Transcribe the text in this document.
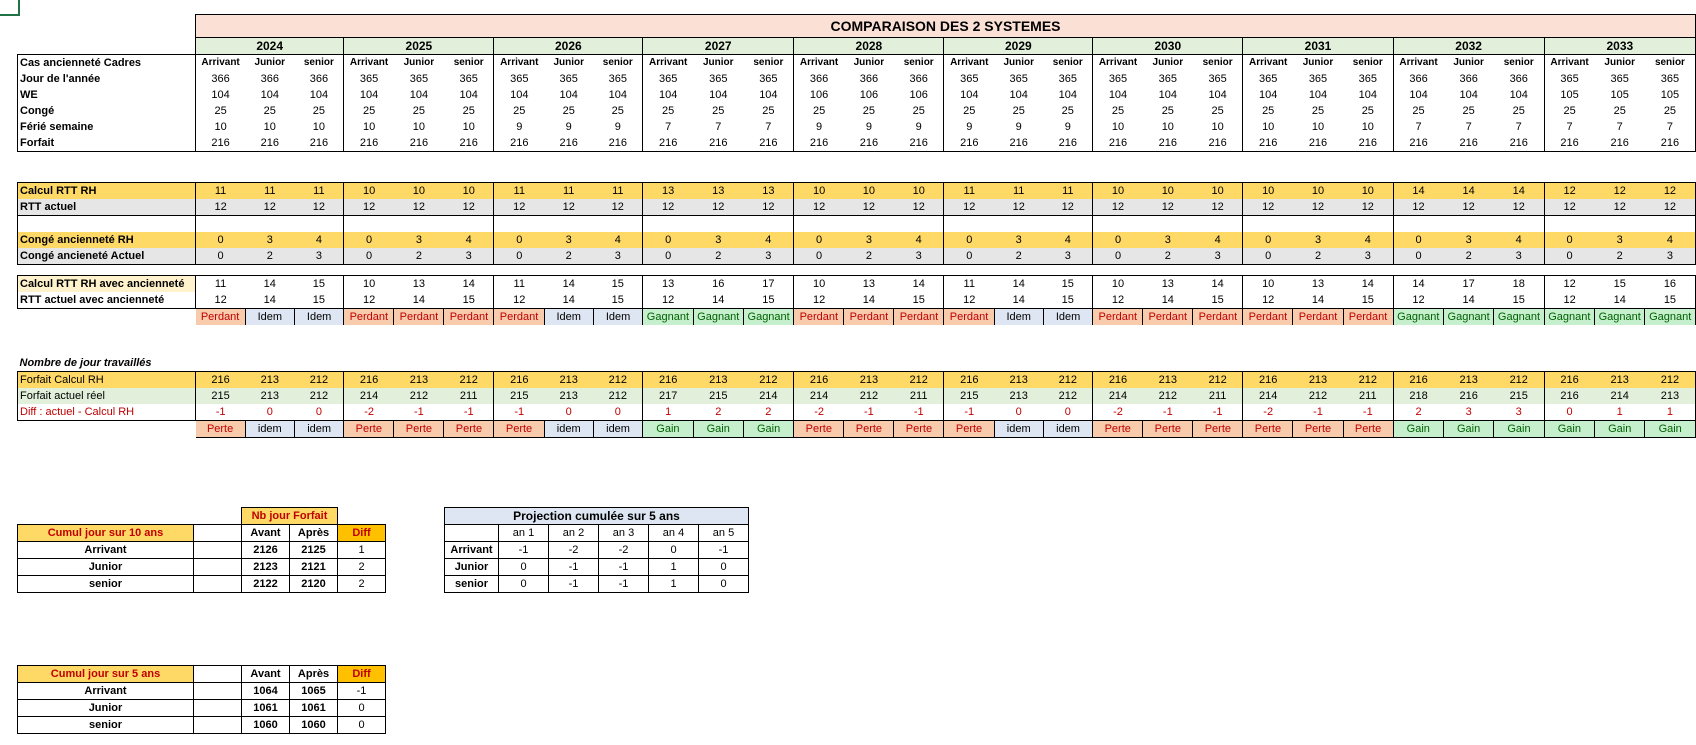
	COMPARAISON DES 2 SYSTEMES																													
	2024			2025			2026			2027			2028			2029			2030			2031			2032			2033		
Cas ancienneté Cadres	Arrivant	Junior	senior	Arrivant	Junior	senior	Arrivant	Junior	senior	Arrivant	Junior	senior	Arrivant	Junior	senior	Arrivant	Junior	senior	Arrivant	Junior	senior	Arrivant	Junior	senior	Arrivant	Junior	senior	Arrivant	Junior	senior
Jour de l'année	366	366	366	365	365	365	365	365	365	365	365	365	366	366	366	365	365	365	365	365	365	365	365	365	366	366	366	365	365	365
WE	104	104	104	104	104	104	104	104	104	104	104	104	106	106	106	104	104	104	104	104	104	104	104	104	104	104	104	105	105	105
Congé	25	25	25	25	25	25	25	25	25	25	25	25	25	25	25	25	25	25	25	25	25	25	25	25	25	25	25	25	25	25
Férié semaine	10	10	10	10	10	10	9	9	9	7	7	7	9	9	9	9	9	9	10	10	10	10	10	10	7	7	7	7	7	7
Forfait	216	216	216	216	216	216	216	216	216	216	216	216	216	216	216	216	216	216	216	216	216	216	216	216	216	216	216	216	216	216

Calcul RTT RH	11	11	11	10	10	10	11	11	11	13	13	13	10	10	10	11	11	11	10	10	10	10	10	10	14	14	14	12	12	12
RTT actuel	12	12	12	12	12	12	12	12	12	12	12	12	12	12	12	12	12	12	12	12	12	12	12	12	12	12	12	12	12	12

Congé ancienneté RH	0	3	4	0	3	4	0	3	4	0	3	4	0	3	4	0	3	4	0	3	4	0	3	4	0	3	4	0	3	4
Congé ancieneté Actuel	0	2	3	0	2	3	0	2	3	0	2	3	0	2	3	0	2	3	0	2	3	0	2	3	0	2	3	0	2	3

Calcul RTT RH avec ancienneté	11	14	15	10	13	14	11	14	15	13	16	17	10	13	14	11	14	15	10	13	14	10	13	14	14	17	18	12	15	16
RTT actuel avec ancienneté	12	14	15	12	14	15	12	14	15	12	14	15	12	14	15	12	14	15	12	14	15	12	14	15	12	14	15	12	14	15
	Perdant	Idem	Idem	Perdant	Perdant	Perdant	Perdant	Idem	Idem	Gagnant	Gagnant	Gagnant	Perdant	Perdant	Perdant	Perdant	Idem	Idem	Perdant	Perdant	Perdant	Perdant	Perdant	Perdant	Gagnant	Gagnant	Gagnant	Gagnant	Gagnant	Gagnant

Nombre de jour travaillés																														
Forfait Calcul RH	216	213	212	216	213	212	216	213	212	216	213	212	216	213	212	216	213	212	216	213	212	216	213	212	216	213	212	216	213	212
Forfait actuel réel	215	213	212	214	212	211	215	213	212	217	215	214	214	212	211	215	213	212	214	212	211	214	212	211	218	216	215	216	214	213
Diff : actuel - Calcul RH	-1	0	0	-2	-1	-1	-1	0	0	1	2	2	-2	-1	-1	-1	0	0	-2	-1	-1	-2	-1	-1	2	3	3	0	1	1
	Perte	idem	idem	Perte	Perte	Perte	Perte	idem	idem	Gain	Gain	Gain	Perte	Perte	Perte	Perte	idem	idem	Perte	Perte	Perte	Perte	Perte	Perte	Gain	Gain	Gain	Gain	Gain	Gain
		Nb jour Forfait		
Cumul jour sur 10 ans		Avant	Après	Diff
Arrivant		2126	2125	1
Junior		2123	2121	2
senior		2122	2120	2
Projection cumulée sur 5 ans					
	an 1	an 2	an 3	an 4	an 5
Arrivant	-1	-2	-2	0	-1
Junior	0	-1	-1	1	0
senior	0	-1	-1	1	0
Cumul jour sur 5 ans		Avant	Après	Diff
Arrivant		1064	1065	-1
Junior		1061	1061	0
senior		1060	1060	0
